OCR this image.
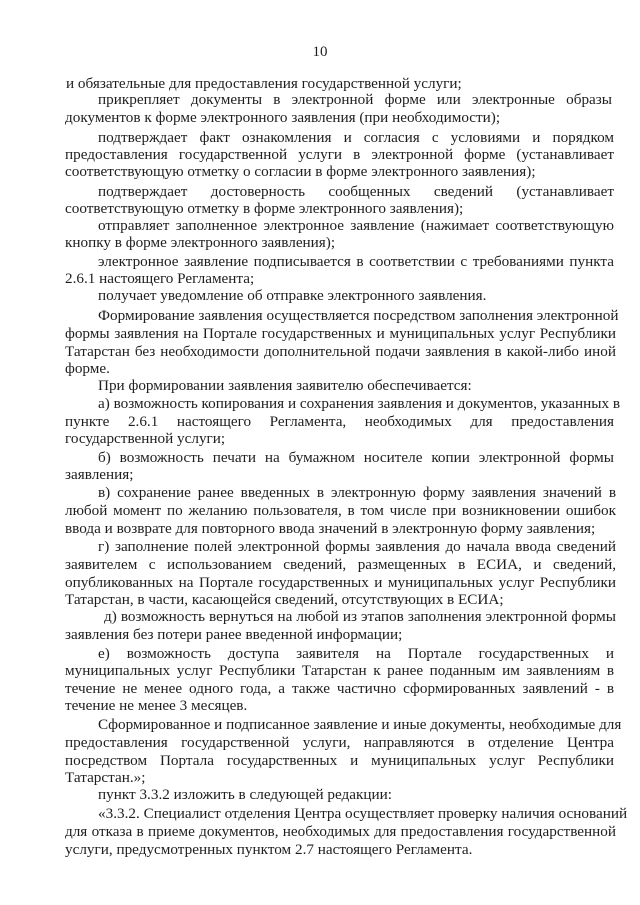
10
и обязательные для предоставления государственной услуги;
прикрепляет документы в электронной форме или электронные образы
документов к форме электронного заявления (при необходимости);
подтверждает факт ознакомления и согласия с условиями и порядком
предоставления государственной услуги в электронной форме (устанавливает
соответствующую отметку о согласии в форме электронного заявления);
подтверждает достоверность сообщенных сведений (устанавливает
соответствующую отметку в форме электронного заявления);
отправляет заполненное электронное заявление (нажимает соответствующую
кнопку в форме электронного заявления);
электронное заявление подписывается в соответствии с требованиями пункта
2.6.1 настоящего Регламента;
получает уведомление об отправке электронного заявления.
Формирование заявления осуществляется посредством заполнения электронной
формы заявления на Портале государственных и муниципальных услуг Республики
Татарстан без необходимости дополнительной подачи заявления в какой-либо иной
форме.
При формировании заявления заявителю обеспечивается:
а) возможность копирования и сохранения заявления и документов, указанных в
пункте 2.6.1 настоящего Регламента, необходимых для предоставления
государственной услуги;
б) возможность печати на бумажном носителе копии электронной формы
заявления;
в) сохранение ранее введенных в электронную форму заявления значений в
любой момент по желанию пользователя, в том числе при возникновении ошибок
ввода и возврате для повторного ввода значений в электронную форму заявления;
г) заполнение полей электронной формы заявления до начала ввода сведений
заявителем с использованием сведений, размещенных в ЕСИА, и сведений,
опубликованных на Портале государственных и муниципальных услуг Республики
Татарстан, в части, касающейся сведений, отсутствующих в ЕСИА;
д) возможность вернуться на любой из этапов заполнения электронной формы
заявления без потери ранее введенной информации;
е) возможность доступа заявителя на Портале государственных и
муниципальных услуг Республики Татарстан к ранее поданным им заявлениям в
течение не менее одного года, а также частично сформированных заявлений - в
течение не менее 3 месяцев.
Сформированное и подписанное заявление и иные документы, необходимые для
предоставления государственной услуги, направляются в отделение Центра
посредством Портала государственных и муниципальных услуг Республики
Татарстан.»;
пункт 3.3.2 изложить в следующей редакции:
«3.3.2. Специалист отделения Центра осуществляет проверку наличия оснований
для отказа в приеме документов, необходимых для предоставления государственной
услуги, предусмотренных пунктом 2.7 настоящего Регламента.
